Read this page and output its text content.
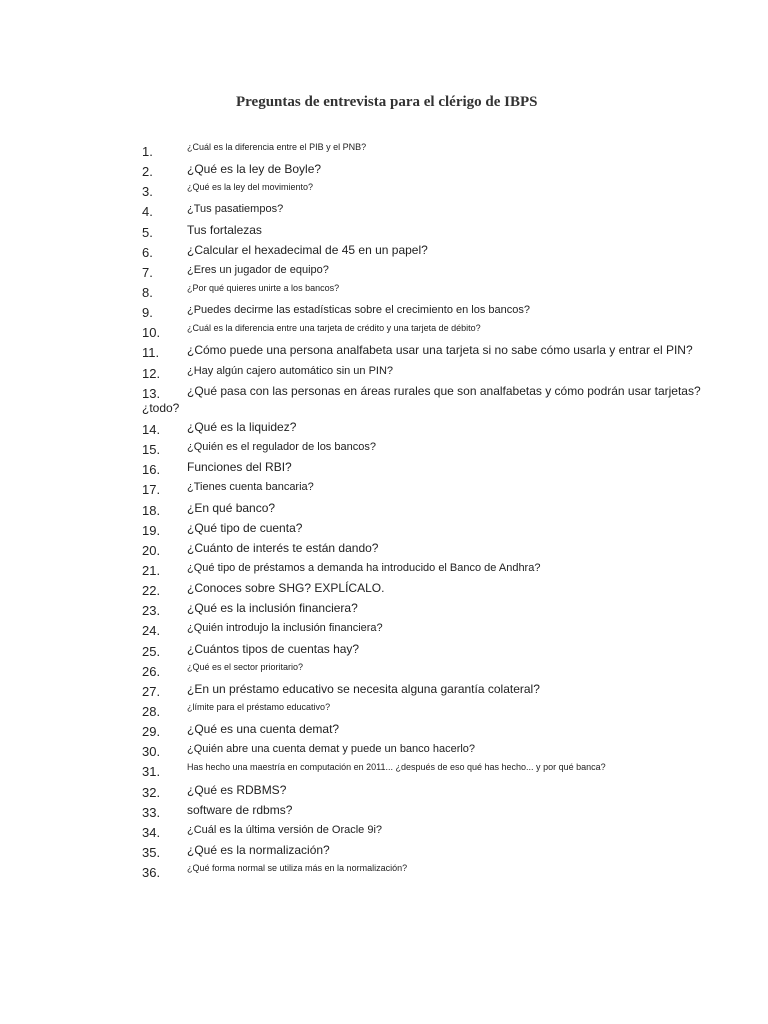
Preguntas de entrevista para el clérigo de IBPS
1.	¿Cuál es la diferencia entre el PIB y el PNB?
2.	¿Qué es la ley de Boyle?
3.	¿Qué es la ley del movimiento?
4.	¿Tus pasatiempos?
5.	Tus fortalezas
6.	¿Calcular el hexadecimal de 45 en un papel?
7.	¿Eres un jugador de equipo?
8.	¿Por qué quieres unirte a los bancos?
9.	¿Puedes decirme las estadísticas sobre el crecimiento en los bancos?
10.	¿Cuál es la diferencia entre una tarjeta de crédito y una tarjeta de débito?
11. ¿Cómo puede una persona analfabeta usar una tarjeta si no sabe cómo usarla y entrar el PIN?
12. ¿Hay algún cajero automático sin un PIN?
13. ¿Qué pasa con las personas en áreas rurales que son analfabetas y cómo podrán usar tarjetas?
¿todo?
14. ¿Qué es la liquidez?
15. ¿Quién es el regulador de los bancos?
16. Funciones del RBI?
17. ¿Tienes cuenta bancaria?
18. ¿En qué banco?
19. ¿Qué tipo de cuenta?
20. ¿Cuánto de interés te están dando?
21. ¿Qué tipo de préstamos a demanda ha introducido el Banco de Andhra?
22. ¿Conoces sobre SHG? EXPLÍCALO.
23. ¿Qué es la inclusión financiera?
24. ¿Quién introdujo la inclusión financiera?
25. ¿Cuántos tipos de cuentas hay?
26.	¿Qué es el sector prioritario?
27. ¿En un préstamo educativo se necesita alguna garantía colateral?
28.	¿límite para el préstamo educativo?
29. ¿Qué es una cuenta demat?
30. ¿Quién abre una cuenta demat y puede un banco hacerlo?
31.	Has hecho una maestría en computación en 2011... ¿después de eso qué has hecho... y por qué banca?
32. ¿Qué es RDBMS?
33. software de rdbms?
34. ¿Cuál es la última versión de Oracle 9i?
35. ¿Qué es la normalización?
36.	¿Qué forma normal se utiliza más en la normalización?
